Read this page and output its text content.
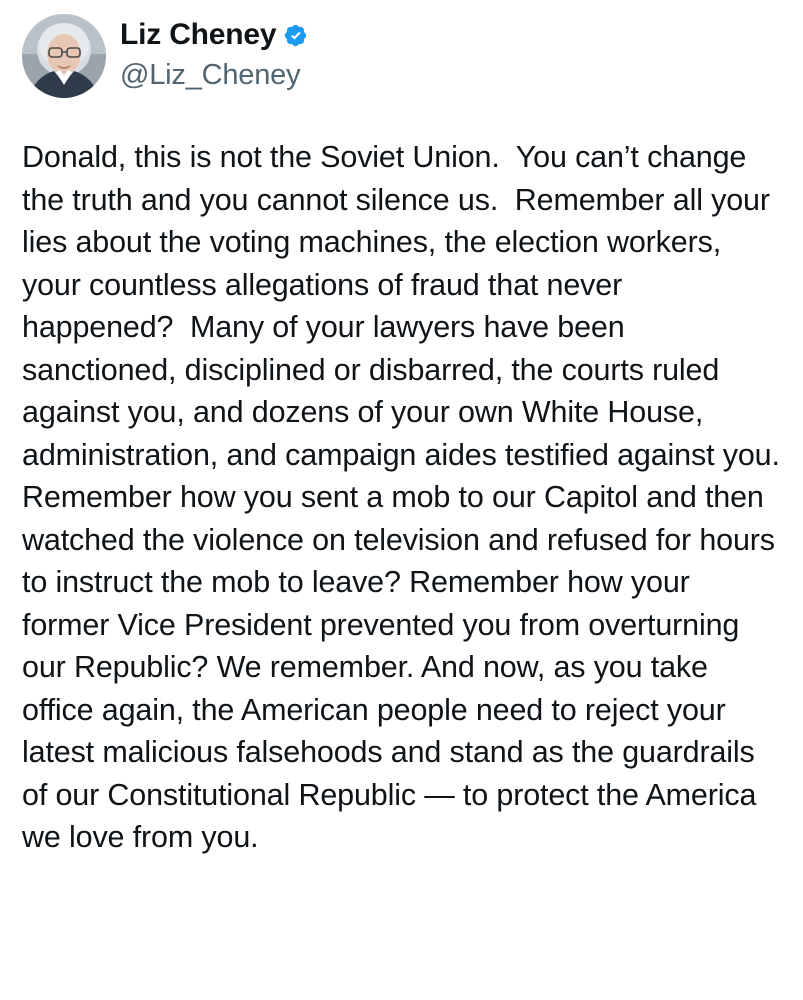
Liz Cheney
@Liz_Cheney
Donald, this is not the Soviet Union.  You can’t change the truth and you cannot silence us.  Remember all your lies about the voting machines, the election workers, your countless allegations of fraud that never happened?  Many of your lawyers have been sanctioned, disciplined or disbarred, the courts ruled against you, and dozens of your own White House, administration, and campaign aides testified against you.  Remember how you sent a mob to our Capitol and then watched the violence on television and refused for hours to instruct the mob to leave? Remember how your former Vice President prevented you from overturning our Republic? We remember. And now, as you take office again, the American people need to reject your latest malicious falsehoods and stand as the guardrails of our Constitutional Republic — to protect the America we love from you.
